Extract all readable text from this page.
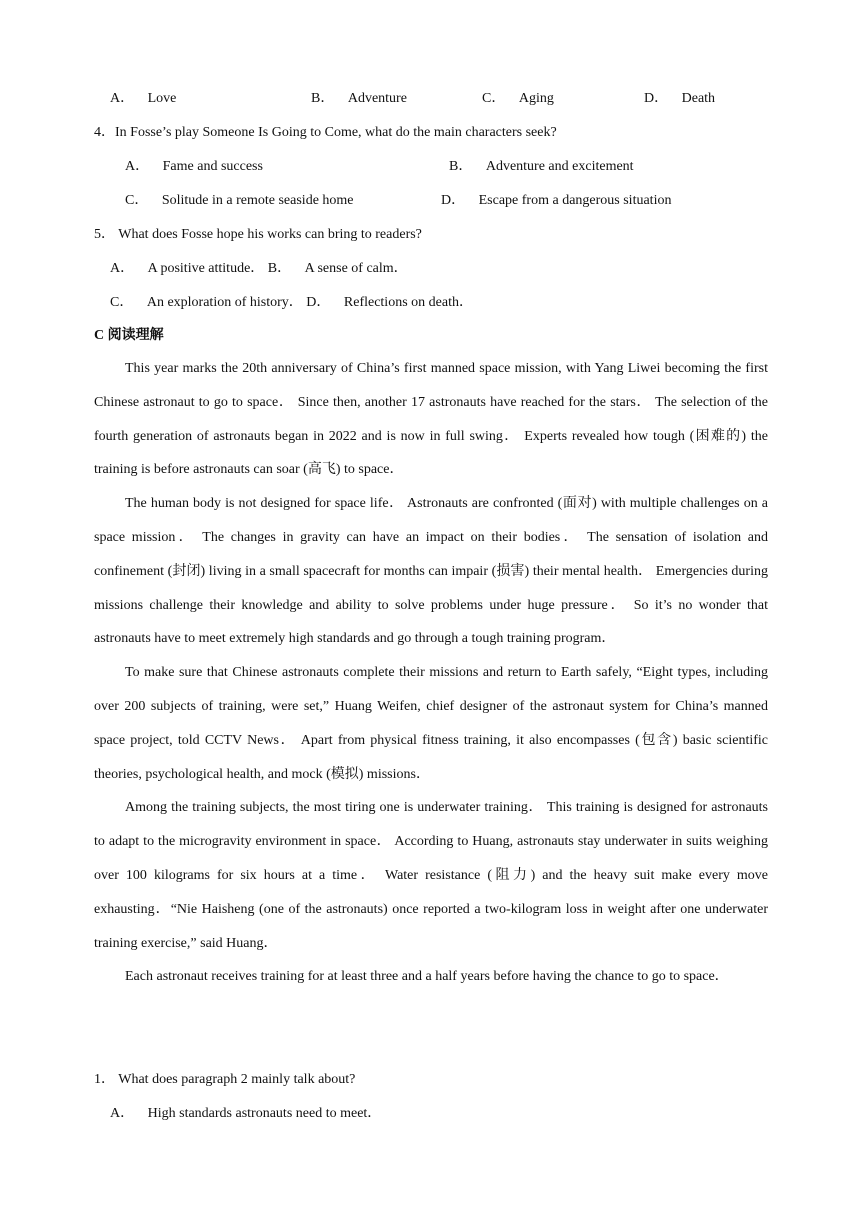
A． Love	B． Adventure	C． Aging	D． Death
4．In Fosse’s play Someone Is Going to Come, what do the main characters seek?
A． Fame and success	B． Adventure and excitement
C． Solitude in a remote seaside home	D． Escape from a dangerous situation
5． What does Fosse hope his works can bring to readers?
A． A positive attitude． B． A sense of calm．
C． An exploration of history． D． Reflections on death．
C 阅读理解

This year marks the 20th anniversary of China’s first manned space mission, with Yang Liwei becoming the first Chinese astronaut to go to space． Since then, another 17 astronauts have reached for the stars． The selection of the fourth generation of astronauts began in 2022 and is now in full swing． Experts revealed how tough (困难的) the training is before astronauts can soar (高飞) to space．

The human body is not designed for space life． Astronauts are confronted (面对) with multiple challenges on a space mission． The changes in gravity can have an impact on their bodies． The sensation of isolation and confinement (封闭) living in a small spacecraft for months can impair (损害) their mental health． Emergencies during missions challenge their knowledge and ability to solve problems under huge pressure． So it’s no wonder that astronauts have to meet extremely high standards and go through a tough training program．

To make sure that Chinese astronauts complete their missions and return to Earth safely, “Eight types, including over 200 subjects of training, were set,” Huang Weifen, chief designer of the astronaut system for China’s manned space project, told CCTV News． Apart from physical fitness training, it also encompasses (包含) basic scientific theories, psychological health, and mock (模拟) missions．

Among the training subjects, the most tiring one is underwater training． This training is designed for astronauts to adapt to the microgravity environment in space． According to Huang, astronauts stay underwater in suits weighing over 100 kilograms for six hours at a time． Water resistance (阻力) and the heavy suit make every move exhausting．“Nie Haisheng (one of the astronauts) once reported a two-kilogram loss in weight after one underwater training exercise,” said Huang．

Each astronaut receives training for at least three and a half years before having the chance to go to space．

1． What does paragraph 2 mainly talk about?
A． High standards astronauts need to meet．
